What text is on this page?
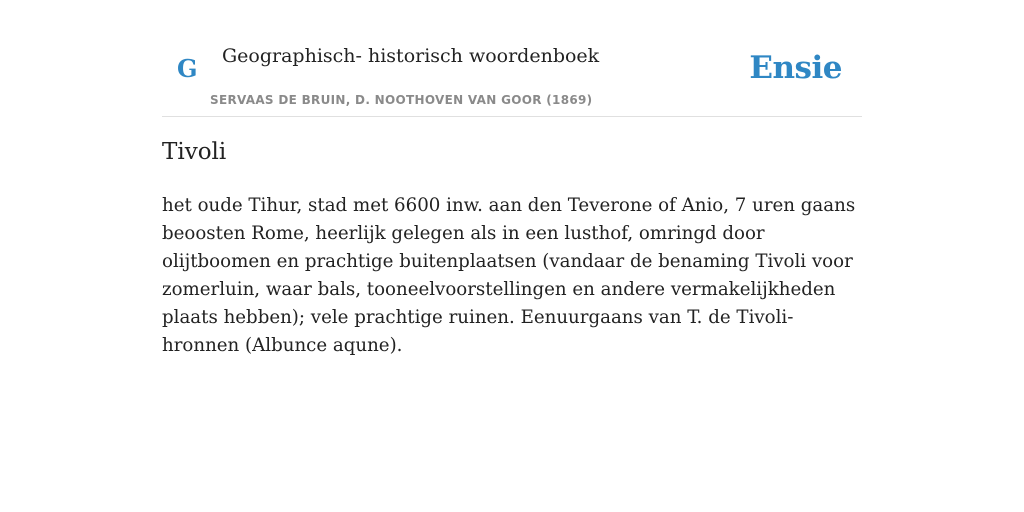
G Geographisch- historisch woordenboek
SERVAAS DE BRUIN, D. NOOTHOVEN VAN GOOR (1869)
Ensie
Tivoli

het oude Tihur, stad met 6600 inw. aan den Teverone of Anio, 7 uren gaans beoosten Rome, heerlijk gelegen als in een lusthof, omringd door olijtboomen en prachtige buitenplaatsen (vandaar de benaming Tivoli voor zomerluin, waar bals, tooneelvoorstellingen en andere vermakelijkheden plaats hebben); vele prachtige ruinen. Eenuurgaans van T. de Tivoli-hronnen (Albunce aqune).
